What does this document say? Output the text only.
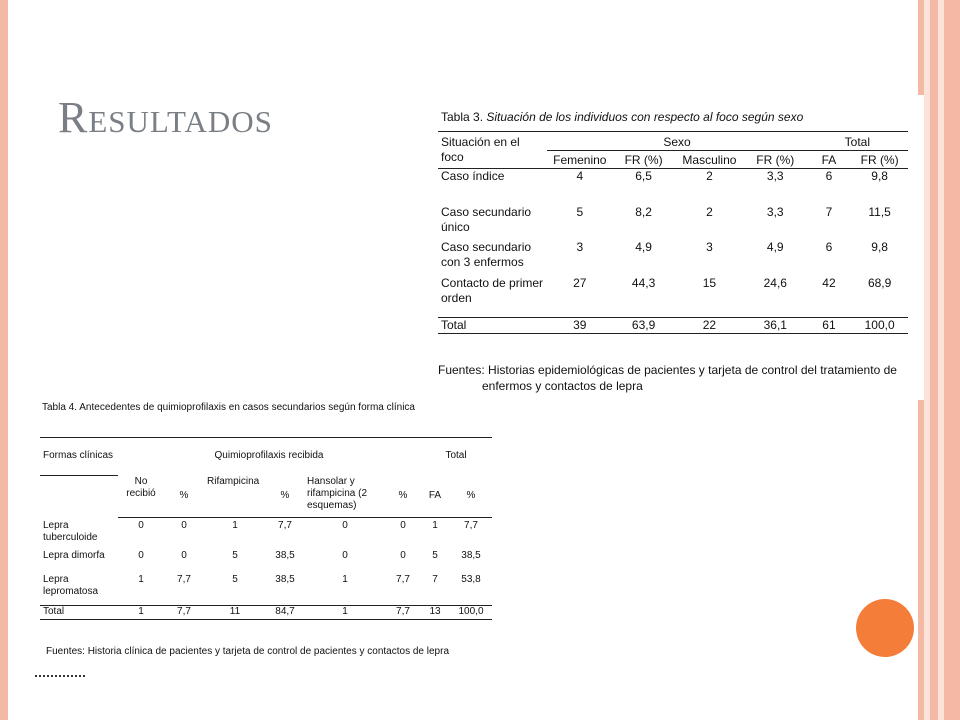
RESULTADOS	Tabla 3. Situación de los individuos con respecto al foco según sexo
Situación en el foco	Sexo				Total	
	Femenino	FR (%)	Masculino	FR (%)	FA	FR (%)
Caso índice	4	6,5	2	3,3	6	9,8
Caso secundario único	5	8,2	2	3,3	7	11,5
Caso secundario con 3 enfermos	3	4,9	3	4,9	6	9,8
Contacto de primer orden	27	44,3	15	24,6	42	68,9
Total	39	63,9	22	36,1	61	100,0
Fuentes: Historias epidemiológicas de pacientes y tarjeta de control del tratamiento de
enfermos y contactos de lepra
Tabla 4. Antecedentes de quimioprofilaxis en casos secundarios según forma clínica
Formas clínicas	Quimioprofilaxis recibida						Total	
	No recibió	%	Rifampicina	%	Hansolar y rifampicina (2 esquemas)	%	FA	%
Lepra tuberculoide	0	0	1	7,7	0	0	1	7,7
Lepra dimorfa	0	0	5	38,5	0	0	5	38,5
Lepra lepromatosa	1	7,7	5	38,5	1	7,7	7	53,8
Total	1	7,7	11	84,7	1	7,7	13	100,0
Fuentes: Historia clínica de pacientes y tarjeta de control de pacientes y contactos de lepra
